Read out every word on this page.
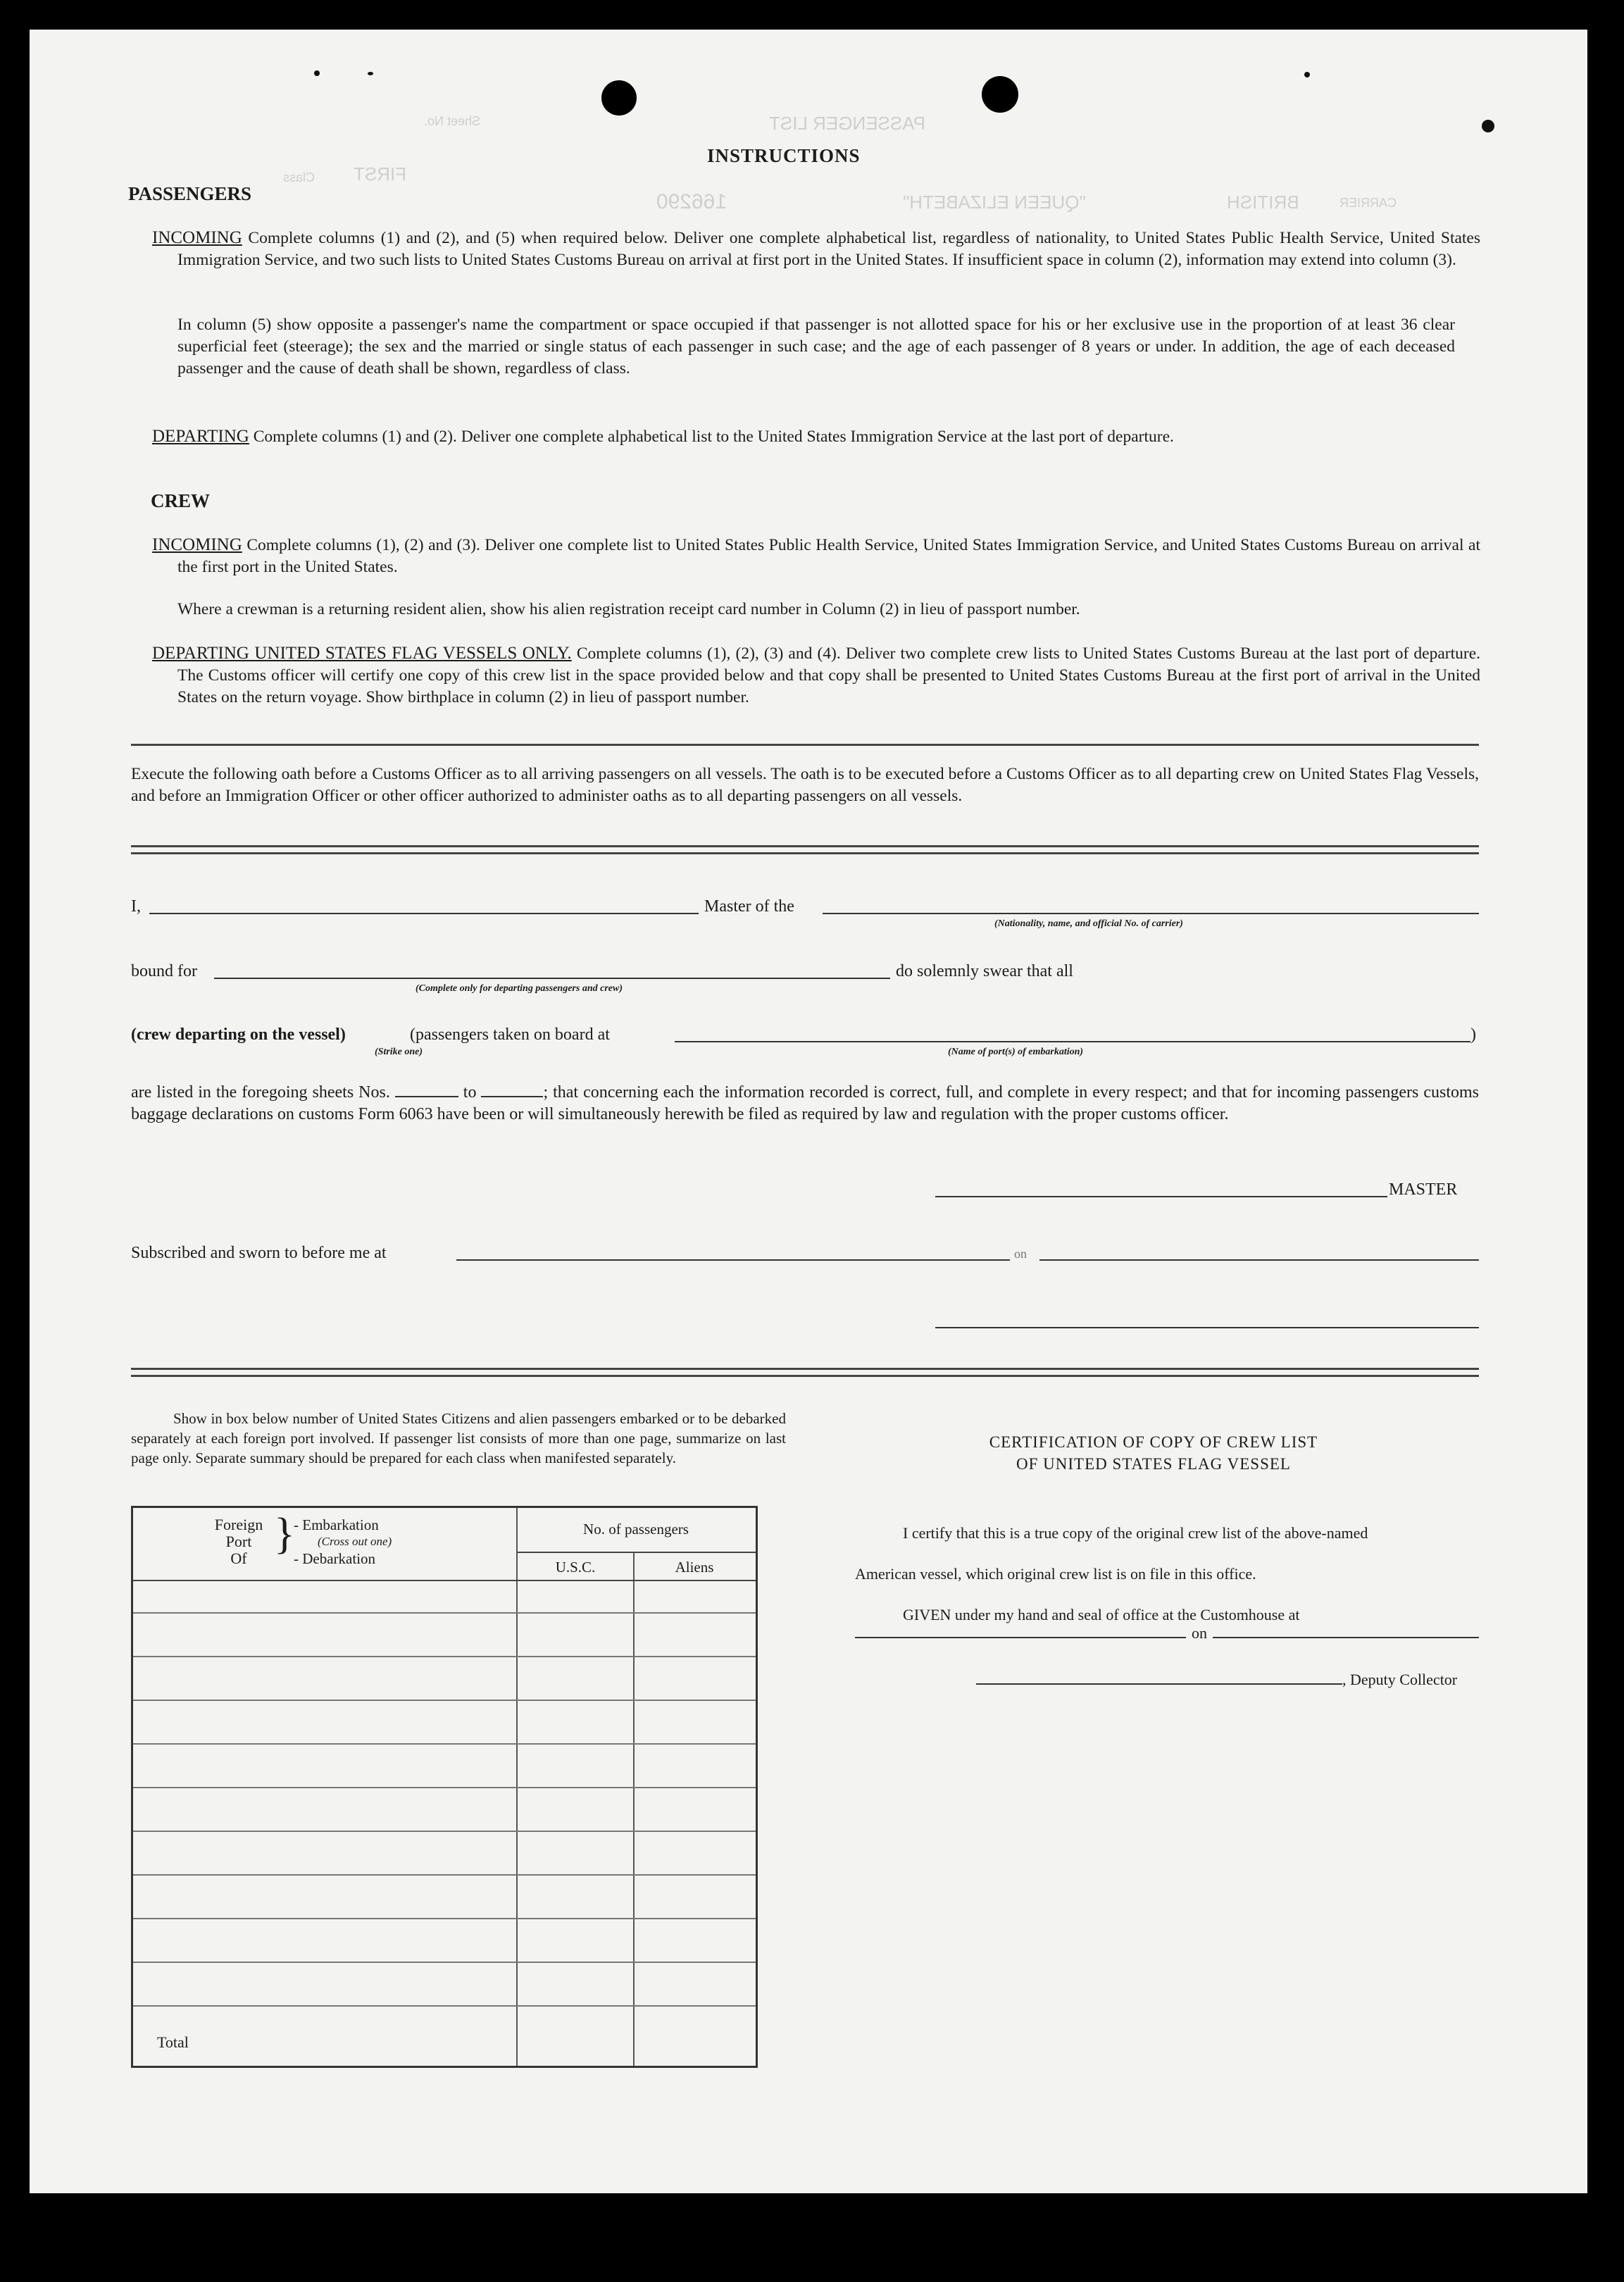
PASSENGER LIST
Sheet No.
Class FIRST
CARRIER
BRITISH
"QUEEN ELIZABETH"
166290
INSTRUCTIONS
PASSENGERS
INCOMING Complete columns (1) and (2), and (5) when required below. Deliver one complete alphabetical list, regardless of nationality, to United States Public Health Service, United States Immigration Service, and two such lists to United States Customs Bureau on arrival at first port in the United States. If insufficient space in column (2), information may extend into column (3).
In column (5) show opposite a passenger's name the compartment or space occupied if that passenger is not allotted space for his or her exclusive use in the proportion of at least 36 clear superficial feet (steerage); the sex and the married or single status of each passenger in such case; and the age of each passenger of 8 years or under. In addition, the age of each deceased passenger and the cause of death shall be shown, regardless of class.
DEPARTING Complete columns (1) and (2). Deliver one complete alphabetical list to the United States Immigration Service at the last port of departure.
CREW
INCOMING Complete columns (1), (2) and (3). Deliver one complete list to United States Public Health Service, United States Immigration Service, and United States Customs Bureau on arrival at the first port in the United States.
Where a crewman is a returning resident alien, show his alien registration receipt card number in Column (2) in lieu of passport number.
DEPARTING UNITED STATES FLAG VESSELS ONLY. Complete columns (1), (2), (3) and (4). Deliver two complete crew lists to United States Customs Bureau at the last port of departure. The Customs officer will certify one copy of this crew list in the space provided below and that copy shall be presented to United States Customs Bureau at the first port of arrival in the United States on the return voyage. Show birthplace in column (2) in lieu of passport number.
Execute the following oath before a Customs Officer as to all arriving passengers on all vessels. The oath is to be executed before a Customs Officer as to all departing crew on United States Flag Vessels, and before an Immigration Officer or other officer authorized to administer oaths as to all departing passengers on all vessels.
I,	Master of the
(Nationality, name, and official No. of carrier)
bound for
(Complete only for departing passengers and crew)
do solemnly swear that all
(crew departing on the vessel)	(passengers taken on board at	)
(Strike one)	(Name of port(s) of embarkation)
are listed in the foregoing sheets Nos.	to	; that concerning each the information recorded is correct, full, and complete in every respect; and that for incoming passengers customs baggage declarations on customs Form 6063 have been or will simultaneously herewith be filed as required by law and regulation with the proper customs officer.
MASTER
Subscribed and sworn to before me at	on
Show in box below number of United States Citizens and alien passengers embarked or to be debarked separately at each foreign port involved. If passenger list consists of more than one page, summarize on last page only. Separate summary should be prepared for each class when manifested separately.
Foreign
Port
Of
}
- Embarkation
(Cross out one)
- Debarkation
No. of passengers
U.S.C.	Aliens
Total
CERTIFICATION OF COPY OF CREW LIST
OF UNITED STATES FLAG VESSEL
I certify that this is a true copy of the original crew list of the above-named
American vessel, which original crew list is on file in this office.
GIVEN under my hand and seal of office at the Customhouse at
on
, Deputy Collector
